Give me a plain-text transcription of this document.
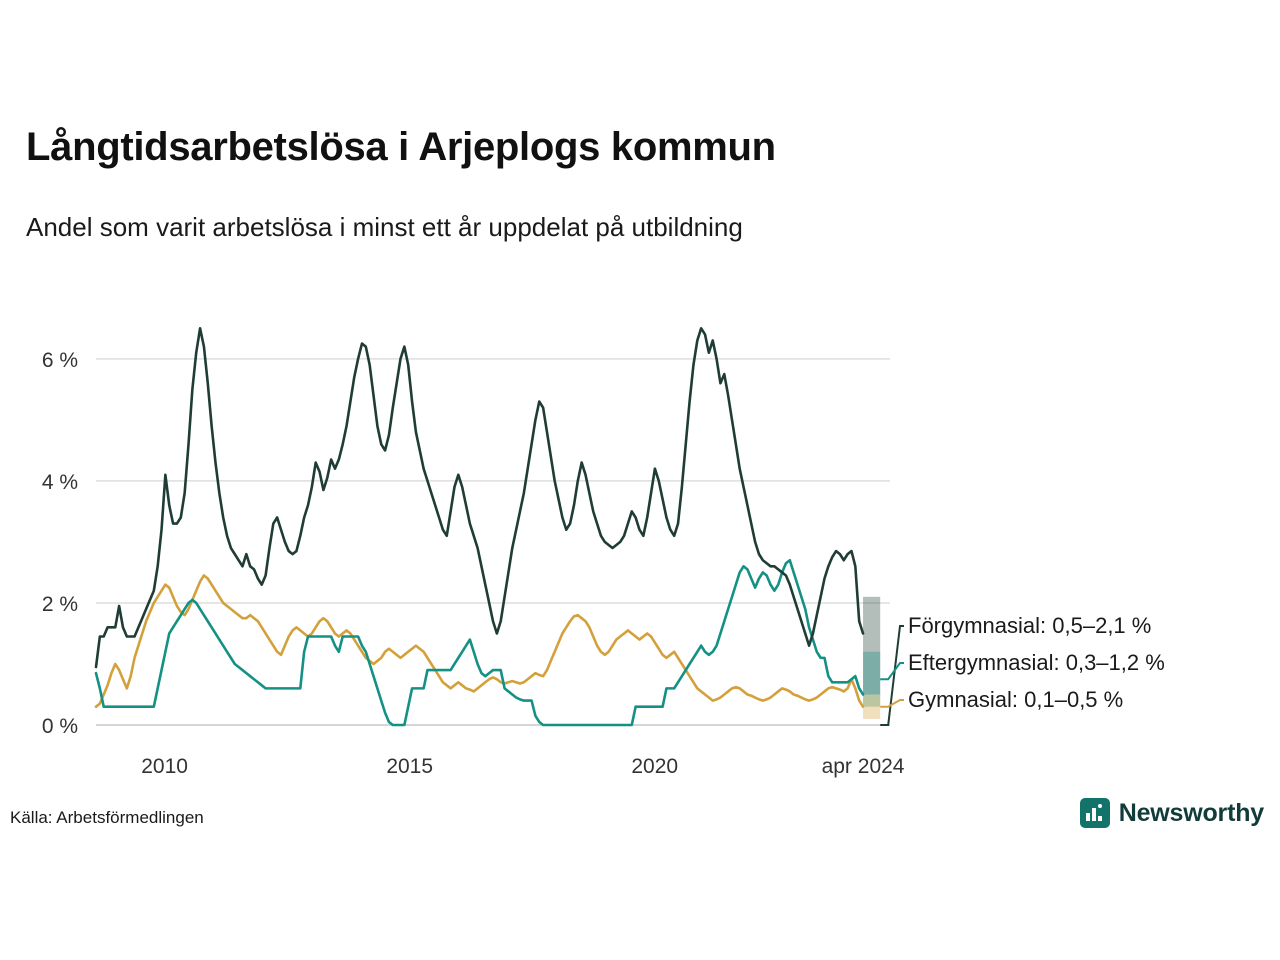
Långtidsarbetslösa i Arjeplogs kommun
Andel som varit arbetslösa i minst ett år uppdelat på utbildning
0 %
2 %
4 %
6 %
2010	2015	2020	apr 2024
Förgymnasial: 0,5–2,1 %
Eftergymnasial: 0,3–1,2 %
Gymnasial: 0,1–0,5 %
Källa: Arbetsförmedlingen	Newsworthy
